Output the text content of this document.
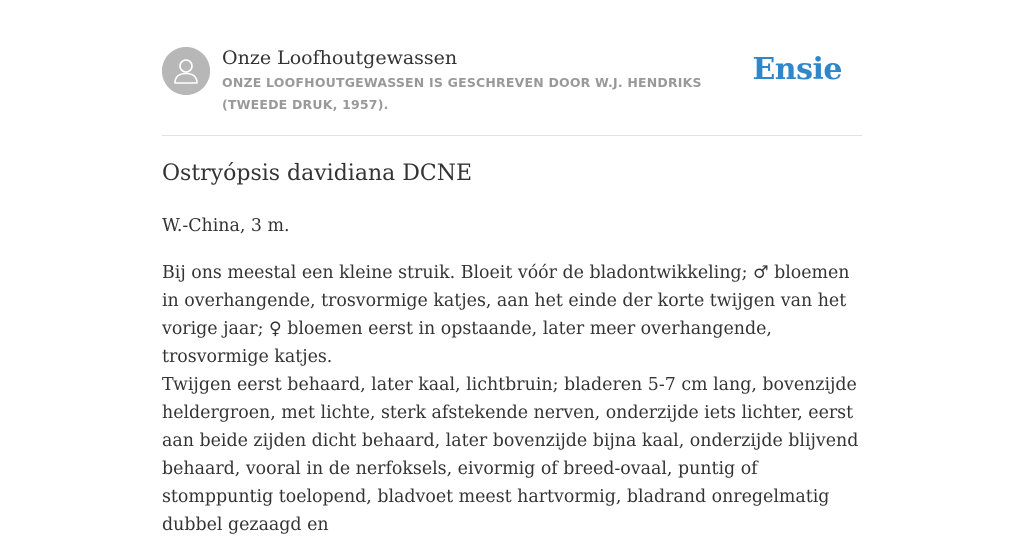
Onze Loofhoutgewassen
ONZE LOOFHOUTGEWASSEN IS GESCHREVEN DOOR W.J. HENDRIKS (TWEEDE DRUK, 1957).
Ensie
Ostryópsis davidiana DCNE

W.-China, 3 m.

Bij ons meestal een kleine struik. Bloeit vóór de bladontwikkeling; ♂ bloemen in overhangende, trosvormige katjes, aan het einde der korte twijgen van het vorige jaar; ♀ bloemen eerst in opstaande, later meer overhangende, trosvormige katjes.

Twijgen eerst behaard, later kaal, lichtbruin; bladeren 5-7 cm lang, bovenzijde heldergroen, met lichte, sterk afstekende nerven, onderzijde iets lichter, eerst aan beide zijden dicht behaard, later bovenzijde bijna kaal, onderzijde blijvend behaard, vooral in de nerfoksels, eivormig of breed-ovaal, puntig of stomppuntig toelopend, bladvoet meest hartvormig, bladrand onregelmatig dubbel gezaagd en
